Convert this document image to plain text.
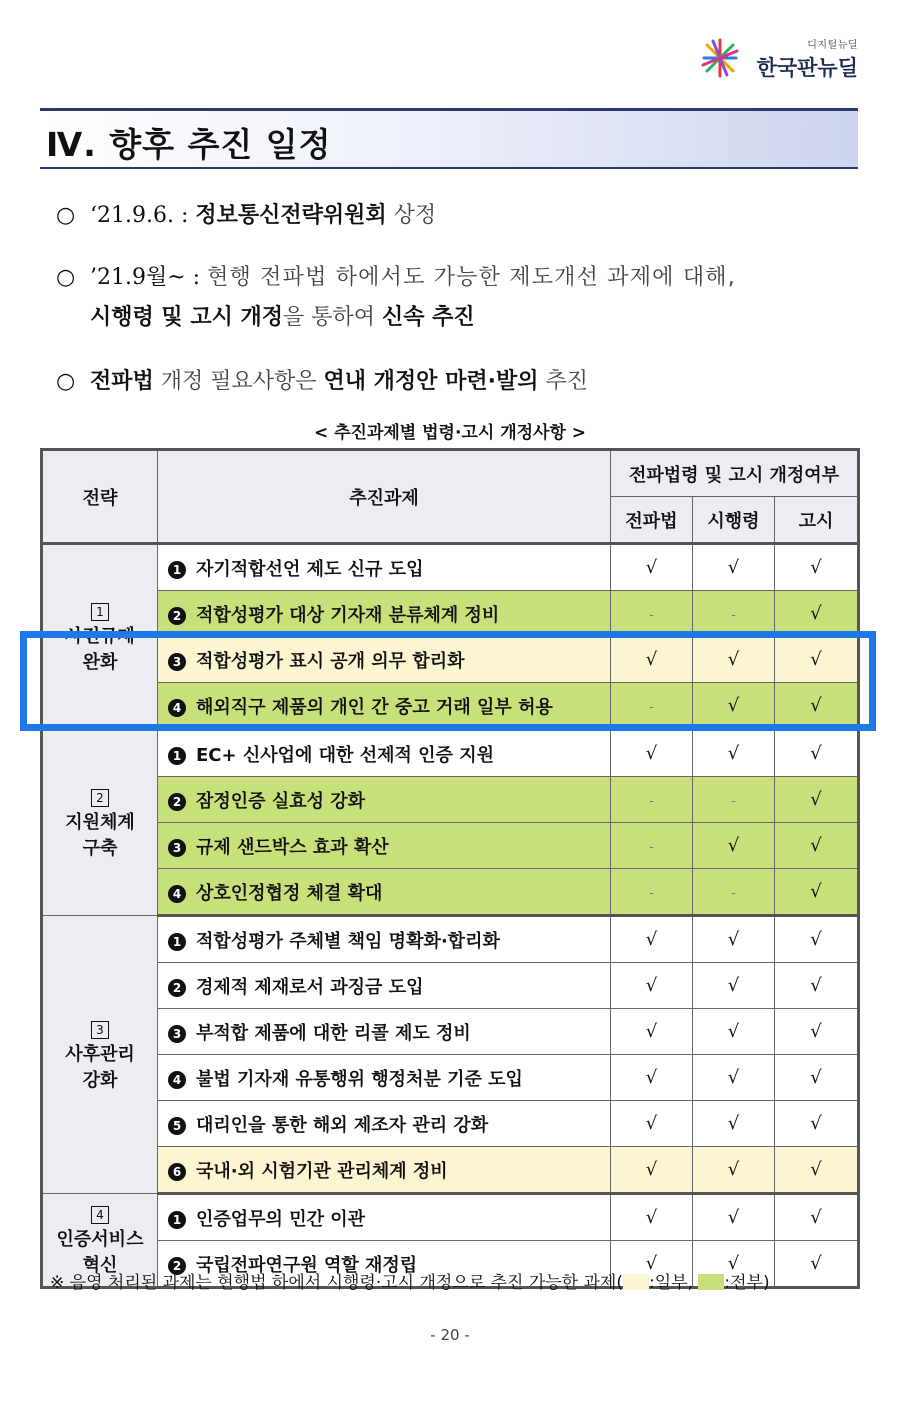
디지털뉴딜
한국판뉴딜
Ⅳ. 향후 추진 일정
○ ‘21.9.6. : 정보통신전략위원회 상정
○ ’21.9월~ : 현행 전파법 하에서도 가능한 제도개선 과제에 대해,
시행령 및 고시 개정을 통하여 신속 추진
○ 전파법 개정 필요사항은 연내 개정안 마련·발의 추진
< 추진과제별 법령·고시 개정사항 >
전략	추진과제	전파법령 및 고시 개정여부		
		전파법	시행령	고시
1
사전규제
완화	1 자기적합선언 제도 신규 도입	√	√	√
	2 적합성평가 대상 기자재 분류체계 정비	-	-	√
	3 적합성평가 표시 공개 의무 합리화	√	√	√
	4 해외직구 제품의 개인 간 중고 거래 일부 허용	-	√	√
2
지원체계
구축	1 EC+ 신사업에 대한 선제적 인증 지원	√	√	√
	2 잠정인증 실효성 강화	-	-	√
	3 규제 샌드박스 효과 확산	-	√	√
	4 상호인정협정 체결 확대	-	-	√
3
사후관리
강화	1 적합성평가 주체별 책임 명확화·합리화	√	√	√
	2 경제적 제재로서 과징금 도입	√	√	√
	3 부적합 제품에 대한 리콜 제도 정비	√	√	√
	4 불법 기자재 유통행위 행정처분 기준 도입	√	√	√
	5 대리인을 통한 해외 제조자 관리 강화	√	√	√
	6 국내·외 시험기관 관리체계 정비	√	√	√
4
인증서비스
혁신	1 인증업무의 민간 이관	√	√	√
	2 국립전파연구원 역할 재정립	√	√	√
※ 음영 처리된 과제는 현행법 하에서 시행령·고시 개정으로 추진 가능한 과제( :일부, :전부)
- 20 -
